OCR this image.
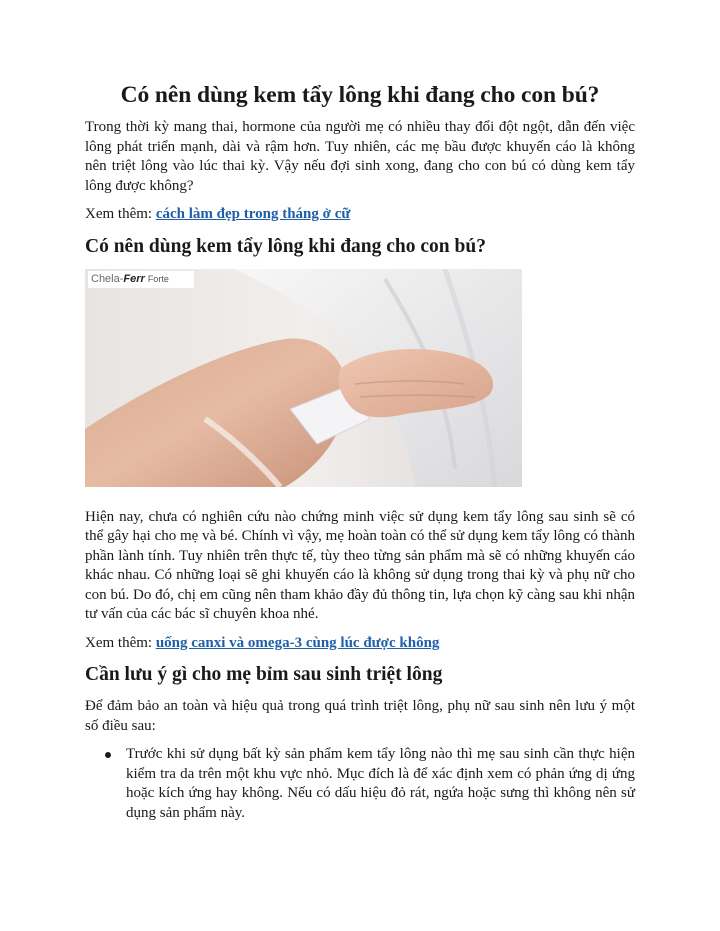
Có nên dùng kem tẩy lông khi đang cho con bú?

Trong thời kỳ mang thai, hormone của người mẹ có nhiều thay đổi đột ngột, dẫn đến việc lông phát triển mạnh, dài và rậm hơn. Tuy nhiên, các mẹ bầu được khuyến cáo là không nên triệt lông vào lúc thai kỳ. Vậy nếu đợi sinh xong, đang cho con bú có dùng kem tẩy lông được không?

Xem thêm: cách làm đẹp trong tháng ở cữ

Có nên dùng kem tẩy lông khi đang cho con bú?
Chela-Ferr Forte

Hiện nay, chưa có nghiên cứu nào chứng minh việc sử dụng kem tẩy lông sau sinh sẽ có thể gây hại cho mẹ và bé. Chính vì vậy, mẹ hoàn toàn có thể sử dụng kem tẩy lông có thành phần lành tính. Tuy nhiên trên thực tế, tùy theo từng sản phẩm mà sẽ có những khuyến cáo khác nhau. Có những loại sẽ ghi khuyến cáo là không sử dụng trong thai kỳ và phụ nữ cho con bú. Do đó, chị em cũng nên tham khảo đầy đủ thông tin, lựa chọn kỹ càng sau khi nhận tư vấn của các bác sĩ chuyên khoa nhé.

Xem thêm: uống canxi và omega-3 cùng lúc được không

Cần lưu ý gì cho mẹ bỉm sau sinh triệt lông

Để đảm bảo an toàn và hiệu quả trong quá trình triệt lông, phụ nữ sau sinh nên lưu ý một số điều sau:

Trước khi sử dụng bất kỳ sản phẩm kem tẩy lông nào thì mẹ sau sinh cần thực hiện kiểm tra da trên một khu vực nhỏ. Mục đích là để xác định xem có phản ứng dị ứng hoặc kích ứng hay không. Nếu có dấu hiệu đỏ rát, ngứa hoặc sưng thì không nên sử dụng sản phẩm này.
